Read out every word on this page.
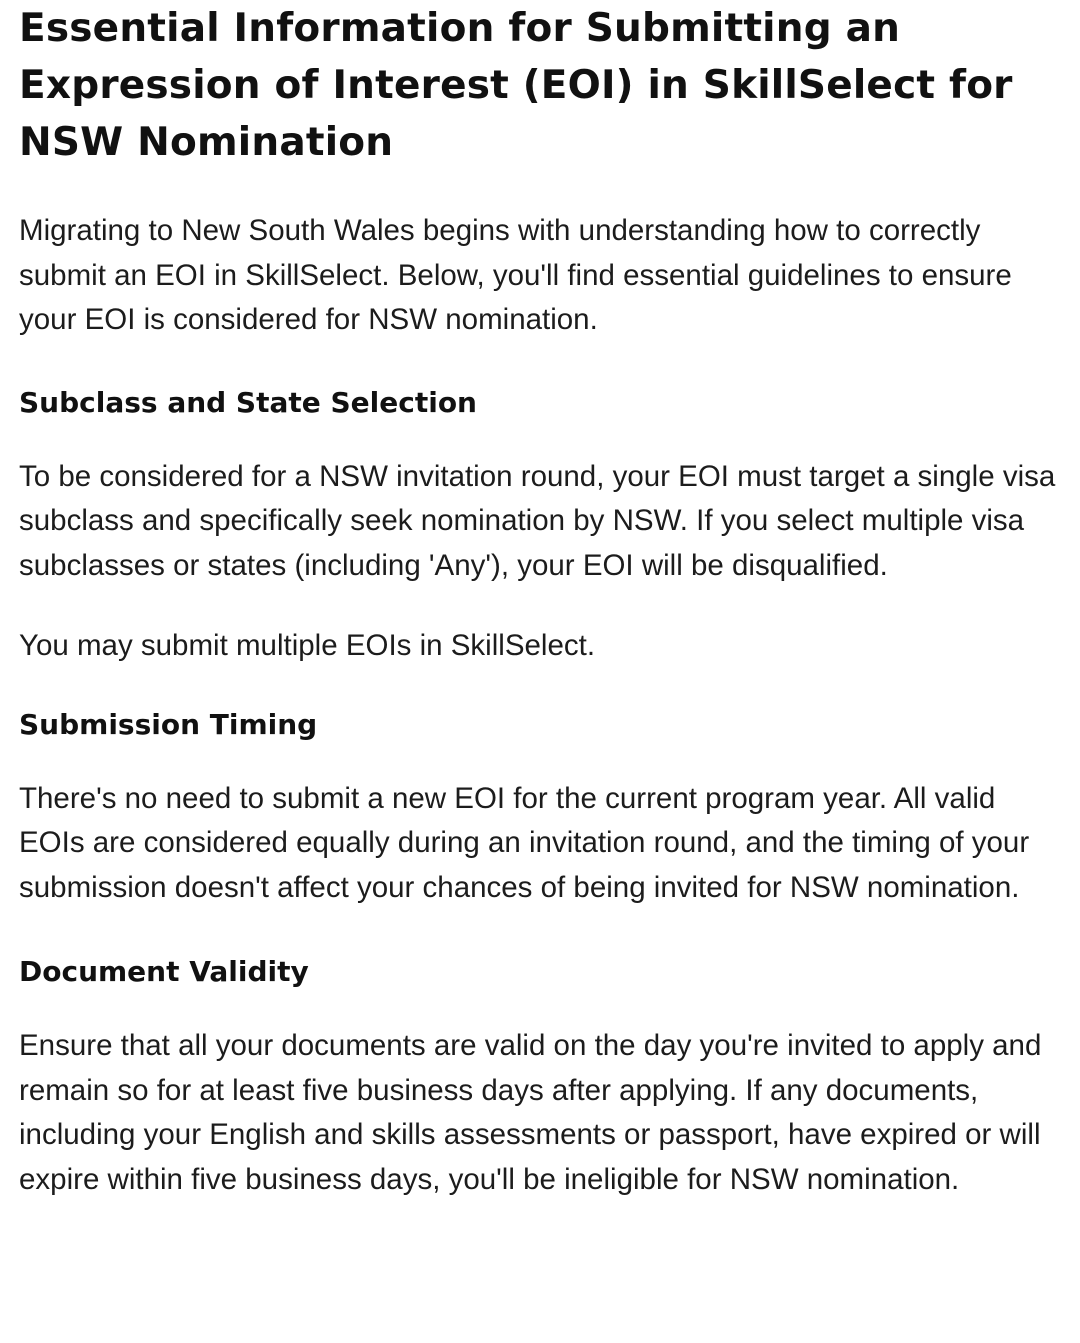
Essential Information for Submitting an Expression of Interest (EOI) in SkillSelect for NSW Nomination

Migrating to New South Wales begins with understanding how to correctly submit an EOI in SkillSelect. Below, you'll find essential guidelines to ensure your EOI is considered for NSW nomination.

Subclass and State Selection

To be considered for a NSW invitation round, your EOI must target a single visa subclass and specifically seek nomination by NSW. If you select multiple visa subclasses or states (including 'Any'), your EOI will be disqualified.

You may submit multiple EOIs in SkillSelect.

Submission Timing

There's no need to submit a new EOI for the current program year. All valid EOIs are considered equally during an invitation round, and the timing of your submission doesn't affect your chances of being invited for NSW nomination.

Document Validity

Ensure that all your documents are valid on the day you're invited to apply and remain so for at least five business days after applying. If any documents, including your English and skills assessments or passport, have expired or will expire within five business days, you'll be ineligible for NSW nomination.
